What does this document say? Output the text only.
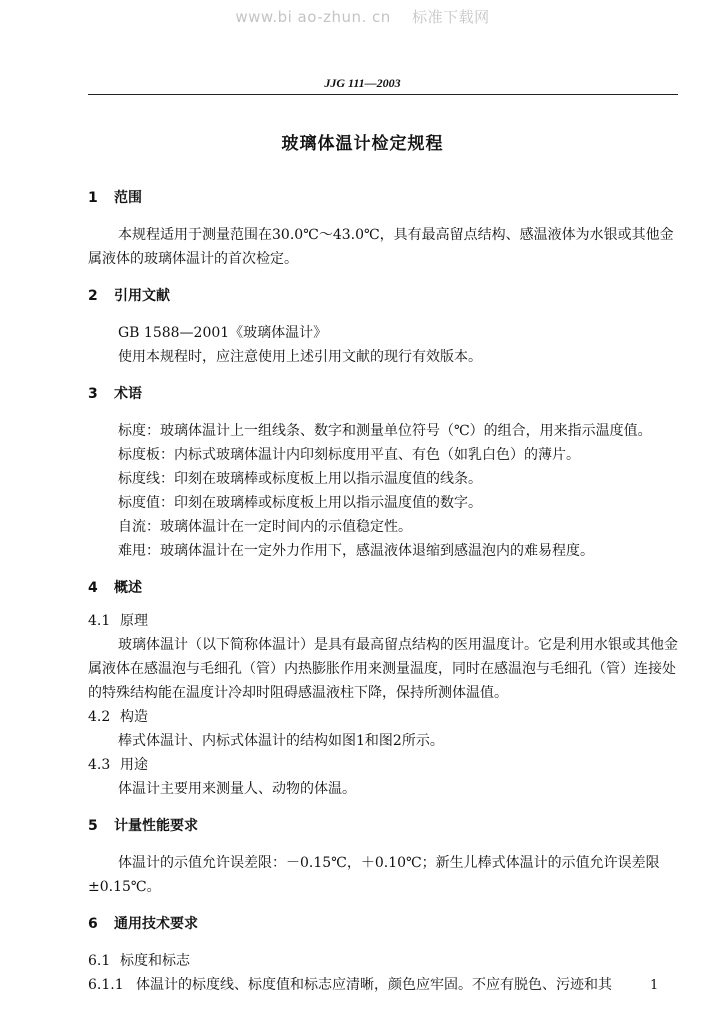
www.bi ao-zhun. cn 标准下载网
JJG 111—2003
玻璃体温计检定规程

1 范围

本规程适用于测量范围在30.0℃～43.0℃，具有最高留点结构、感温液体为水银或其他金属液体的玻璃体温计的首次检定。

2 引用文献

GB 1588—2001《玻璃体温计》

使用本规程时，应注意使用上述引用文献的现行有效版本。

3 术语

标度：玻璃体温计上一组线条、数字和测量单位符号（℃）的组合，用来指示温度值。

标度板：内标式玻璃体温计内印刻标度用平直、有色（如乳白色）的薄片。

标度线：印刻在玻璃棒或标度板上用以指示温度值的线条。

标度值：印刻在玻璃棒或标度板上用以指示温度值的数字。

自流：玻璃体温计在一定时间内的示值稳定性。

难甩：玻璃体温计在一定外力作用下，感温液体退缩到感温泡内的难易程度。

4 概述

4.1 原理

玻璃体温计（以下简称体温计）是具有最高留点结构的医用温度计。它是利用水银或其他金属液体在感温泡与毛细孔（管）内热膨胀作用来测量温度，同时在感温泡与毛细孔（管）连接处的特殊结构能在温度计冷却时阻碍感温液柱下降，保持所测体温值。

4.2 构造

棒式体温计、内标式体温计的结构如图1和图2所示。

4.3 用途

体温计主要用来测量人、动物的体温。

5 计量性能要求

体温计的示值允许误差限：－0.15℃，＋0.10℃；新生儿棒式体温计的示值允许误差限±0.15℃。

6 通用技术要求

6.1 标度和标志

6.1.1 体温计的标度线、标度值和标志应清晰，颜色应牢固。不应有脱色、污迹和其	1
